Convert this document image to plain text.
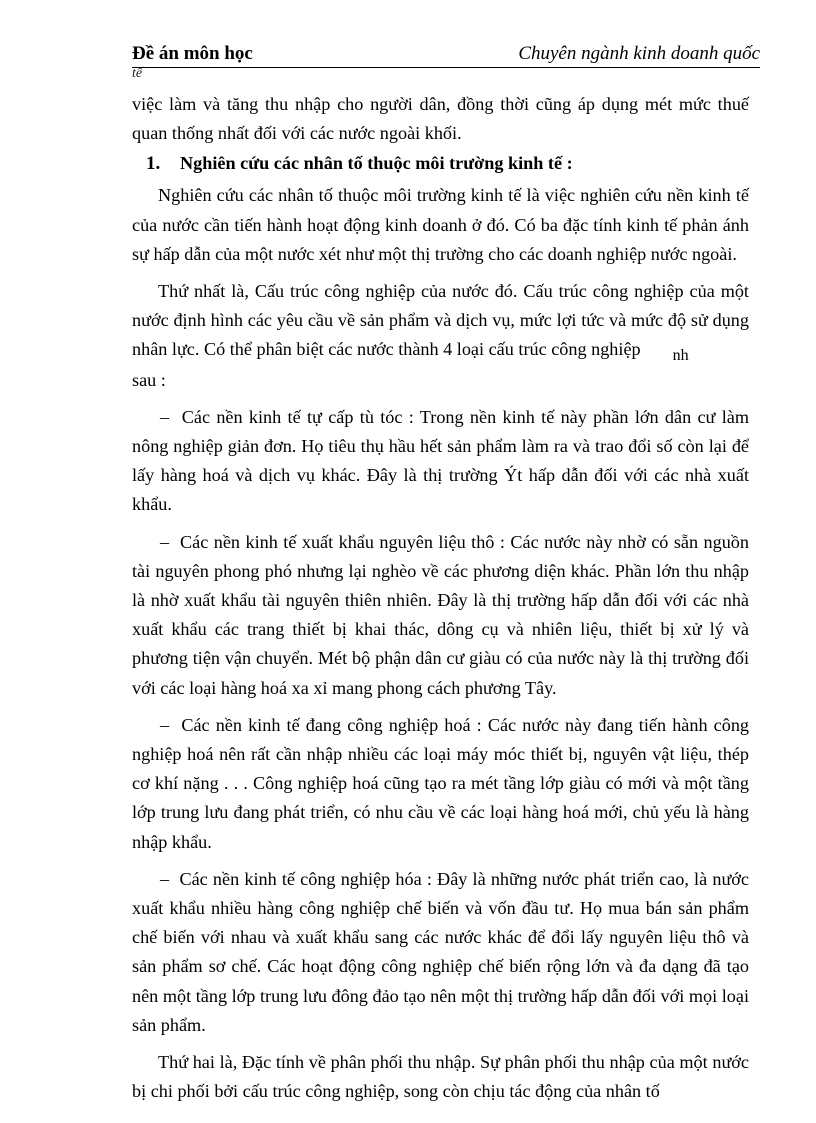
Đề án môn học	Chuyên ngành kinh doanh quốc
tế

việc làm và tăng thu nhập cho người dân, đồng thời cũng áp dụng mét mức thuế quan thống nhất đối với các nước ngoài khối.

1. Nghiên cứu các nhân tố thuộc môi trường kinh tế :

Nghiên cứu các nhân tố thuộc môi trường kinh tế là việc nghiên cứu nền kinh tế của nước cần tiến hành hoạt động kinh doanh ở đó. Có ba đặc tính kinh tế phản ánh sự hấp dẫn của một nước xét như một thị trường cho các doanh nghiệp nước ngoài.

Thứ nhất là, Cấu trúc công nghiệp của nước đó. Cấu trúc công nghiệp của một nước định hình các yêu cầu về sản phẩm và dịch vụ, mức lợi tức và mức độ sử dụng nhân lực. Có thể phân biệt các nước thành 4 loại cấu trúc công nghiệp nh
sau :

– Các nền kinh tế tự cấp tù tóc : Trong nền kinh tế này phần lớn dân cư làm nông nghiệp giản đơn. Họ tiêu thụ hầu hết sản phẩm làm ra và trao đổi số còn lại để lấy hàng hoá và dịch vụ khác. Đây là thị trường Ýt hấp dẫn đối với các nhà xuất khẩu.

– Các nền kinh tế xuất khẩu nguyên liệu thô : Các nước này nhờ có sẵn nguồn tài nguyên phong phó nhưng lại nghèo về các phương diện khác. Phần lớn thu nhập là nhờ xuất khẩu tài nguyên thiên nhiên. Đây là thị trường hấp dẫn đối với các nhà xuất khẩu các trang thiết bị khai thác, dông cụ và nhiên liệu, thiết bị xử lý và phương tiện vận chuyển. Mét bộ phận dân cư giàu có của nước này là thị trường đối với các loại hàng hoá xa xỉ mang phong cách phương Tây.

– Các nền kinh tế đang công nghiệp hoá : Các nước này đang tiến hành công nghiệp hoá nên rất cần nhập nhiều các loại máy móc thiết bị, nguyên vật liệu, thép cơ khí nặng . . . Công nghiệp hoá cũng tạo ra mét tầng lớp giàu có mới và một tầng lớp trung lưu đang phát triển, có nhu cầu về các loại hàng hoá mới, chủ yếu là hàng nhập khẩu.

– Các nền kinh tế công nghiệp hóa : Đây là những nước phát triển cao, là nước xuất khẩu nhiều hàng công nghiệp chế biến và vốn đầu tư. Họ mua bán sản phẩm chế biến với nhau và xuất khẩu sang các nước khác để đổi lấy nguyên liệu thô và sản phẩm sơ chế. Các hoạt động công nghiệp chế biến rộng lớn và đa dạng đã tạo nên một tầng lớp trung lưu đông đảo tạo nên một thị trường hấp dẫn đối với mọi loại sản phẩm.

Thứ hai là, Đặc tính về phân phối thu nhập. Sự phân phối thu nhập của một nước bị chi phối bởi cấu trúc công nghiệp, song còn chịu tác động của nhân tố
